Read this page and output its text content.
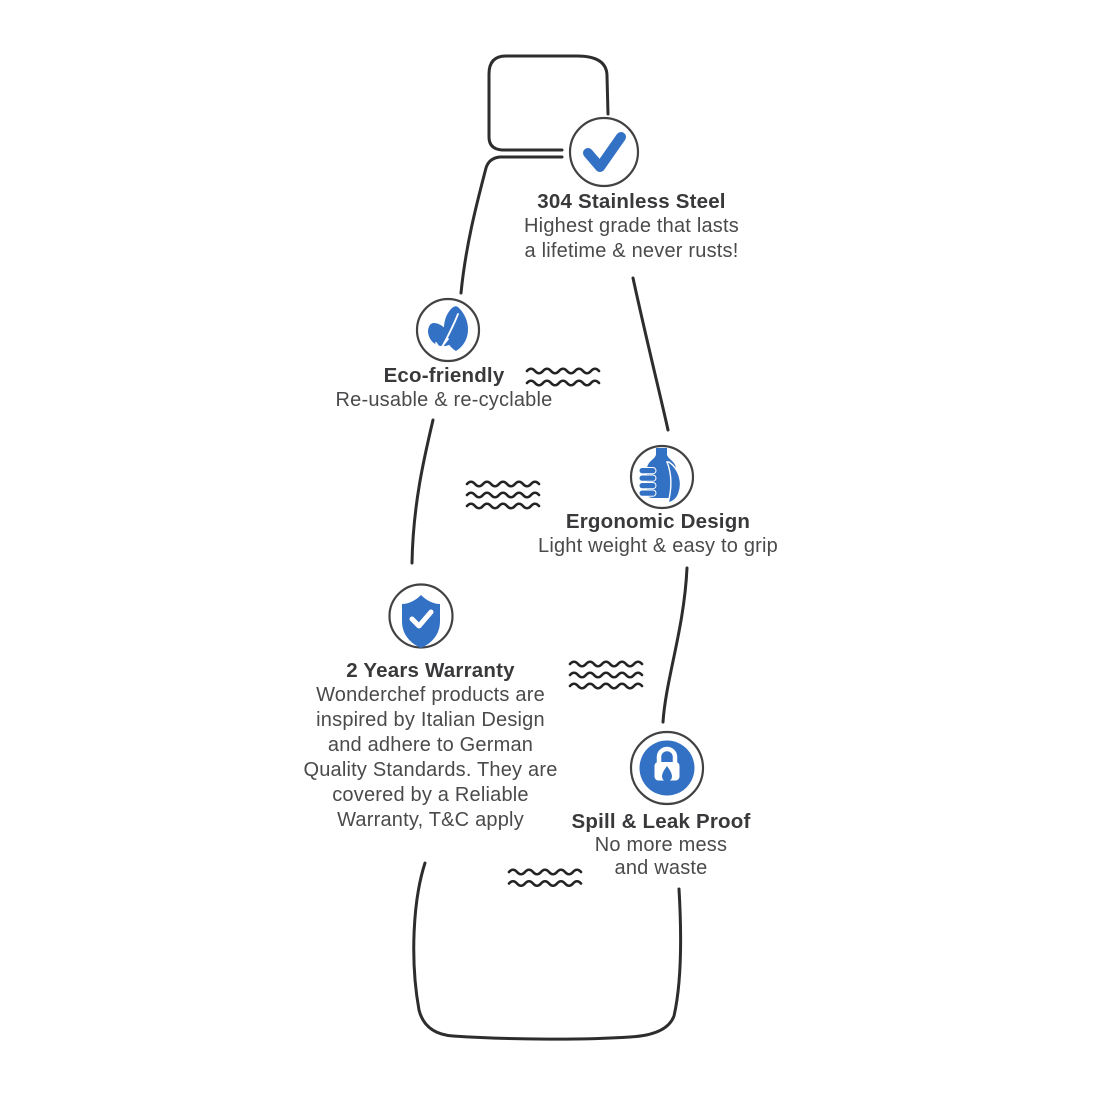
304 Stainless Steel
Highest grade that lasts
a lifetime & never rusts!
Eco-friendly
Re-usable & re-cyclable
Ergonomic Design
Light weight & easy to grip
2 Years Warranty
Wonderchef products are
inspired by Italian Design
and adhere to German
Quality Standards. They are
covered by a Reliable
Warranty, T&C apply	Spill & Leak Proof
No more mess
and waste
